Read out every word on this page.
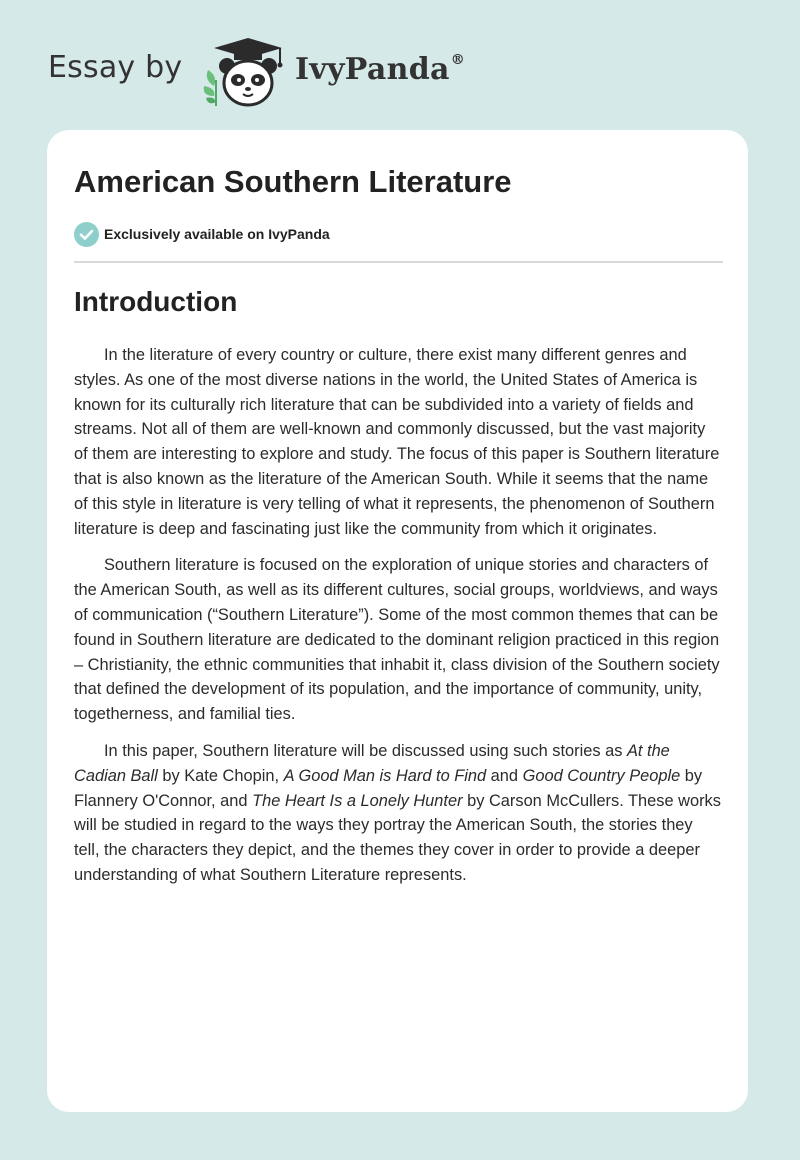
Essay by	IvyPanda®
American Southern Literature
Exclusively available on IvyPanda
Introduction

In the literature of every country or culture, there exist many different genres and styles. As one of the most diverse nations in the world, the United States of America is known for its culturally rich literature that can be subdivided into a variety of fields and streams. Not all of them are well-known and commonly discussed, but the vast majority of them are interesting to explore and study. The focus of this paper is Southern literature that is also known as the literature of the American South. While it seems that the name of this style in literature is very telling of what it represents, the phenomenon of Southern literature is deep and fascinating just like the community from which it originates.

Southern literature is focused on the exploration of unique stories and characters of the American South, as well as its different cultures, social groups, worldviews, and ways of communication (“Southern Literature”). Some of the most common themes that can be found in Southern literature are dedicated to the dominant religion practiced in this region – Christianity, the ethnic communities that inhabit it, class division of the Southern society that defined the development of its population, and the importance of community, unity, togetherness, and familial ties.

In this paper, Southern literature will be discussed using such stories as At the Cadian Ball by Kate Chopin, A Good Man is Hard to Find and Good Country People by Flannery O'Connor, and The Heart Is a Lonely Hunter by Carson McCullers. These works will be studied in regard to the ways they portray the American South, the stories they tell, the characters they depict, and the themes they cover in order to provide a deeper understanding of what Southern Literature represents.
